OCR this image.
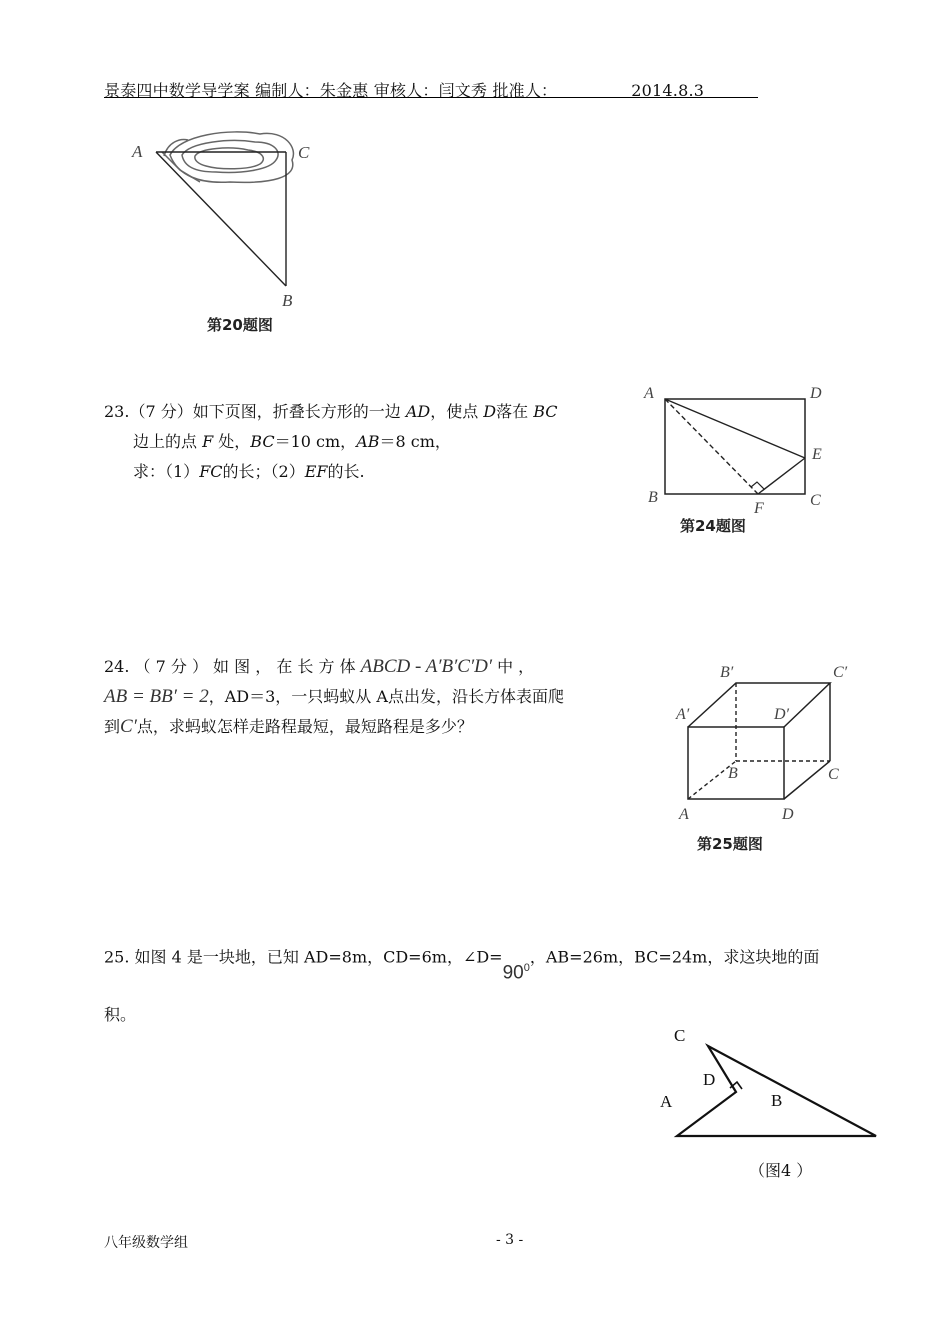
景泰四中数学导学案 编制人：朱金惠 审核人：闫文秀 批准人：	2014.8.3
A	C
B
第20题图
23.（7 分）如下页图，折叠长方形的一边 AD，使点 D落在 BC
边上的点 F 处，BC＝10 cm，AB＝8 cm，
求：（1）FC的长；（2）EF的长.
A	D
E
B
F	C
第24题图
24. （ 7 分 ） 如 图 ， 在 长 方 体 ABCD - A′B′C′D′ 中 ，
AB = BB′ = 2，AD＝3，一只蚂蚁从 A点出发，沿长方体表面爬
到C′点，求蚂蚁怎样走路程最短，最短路程是多少？
B′	C′
A′	D′
B	C
A	D
第25题图
25. 如图 4 是一块地，已知 AD=8m，CD=6m，$\angle D=90^0$，AB=26m，BC=24m，求这块地的面
积。
C
D
A	B
（图4 ）
八年级数学组	- 3 -
